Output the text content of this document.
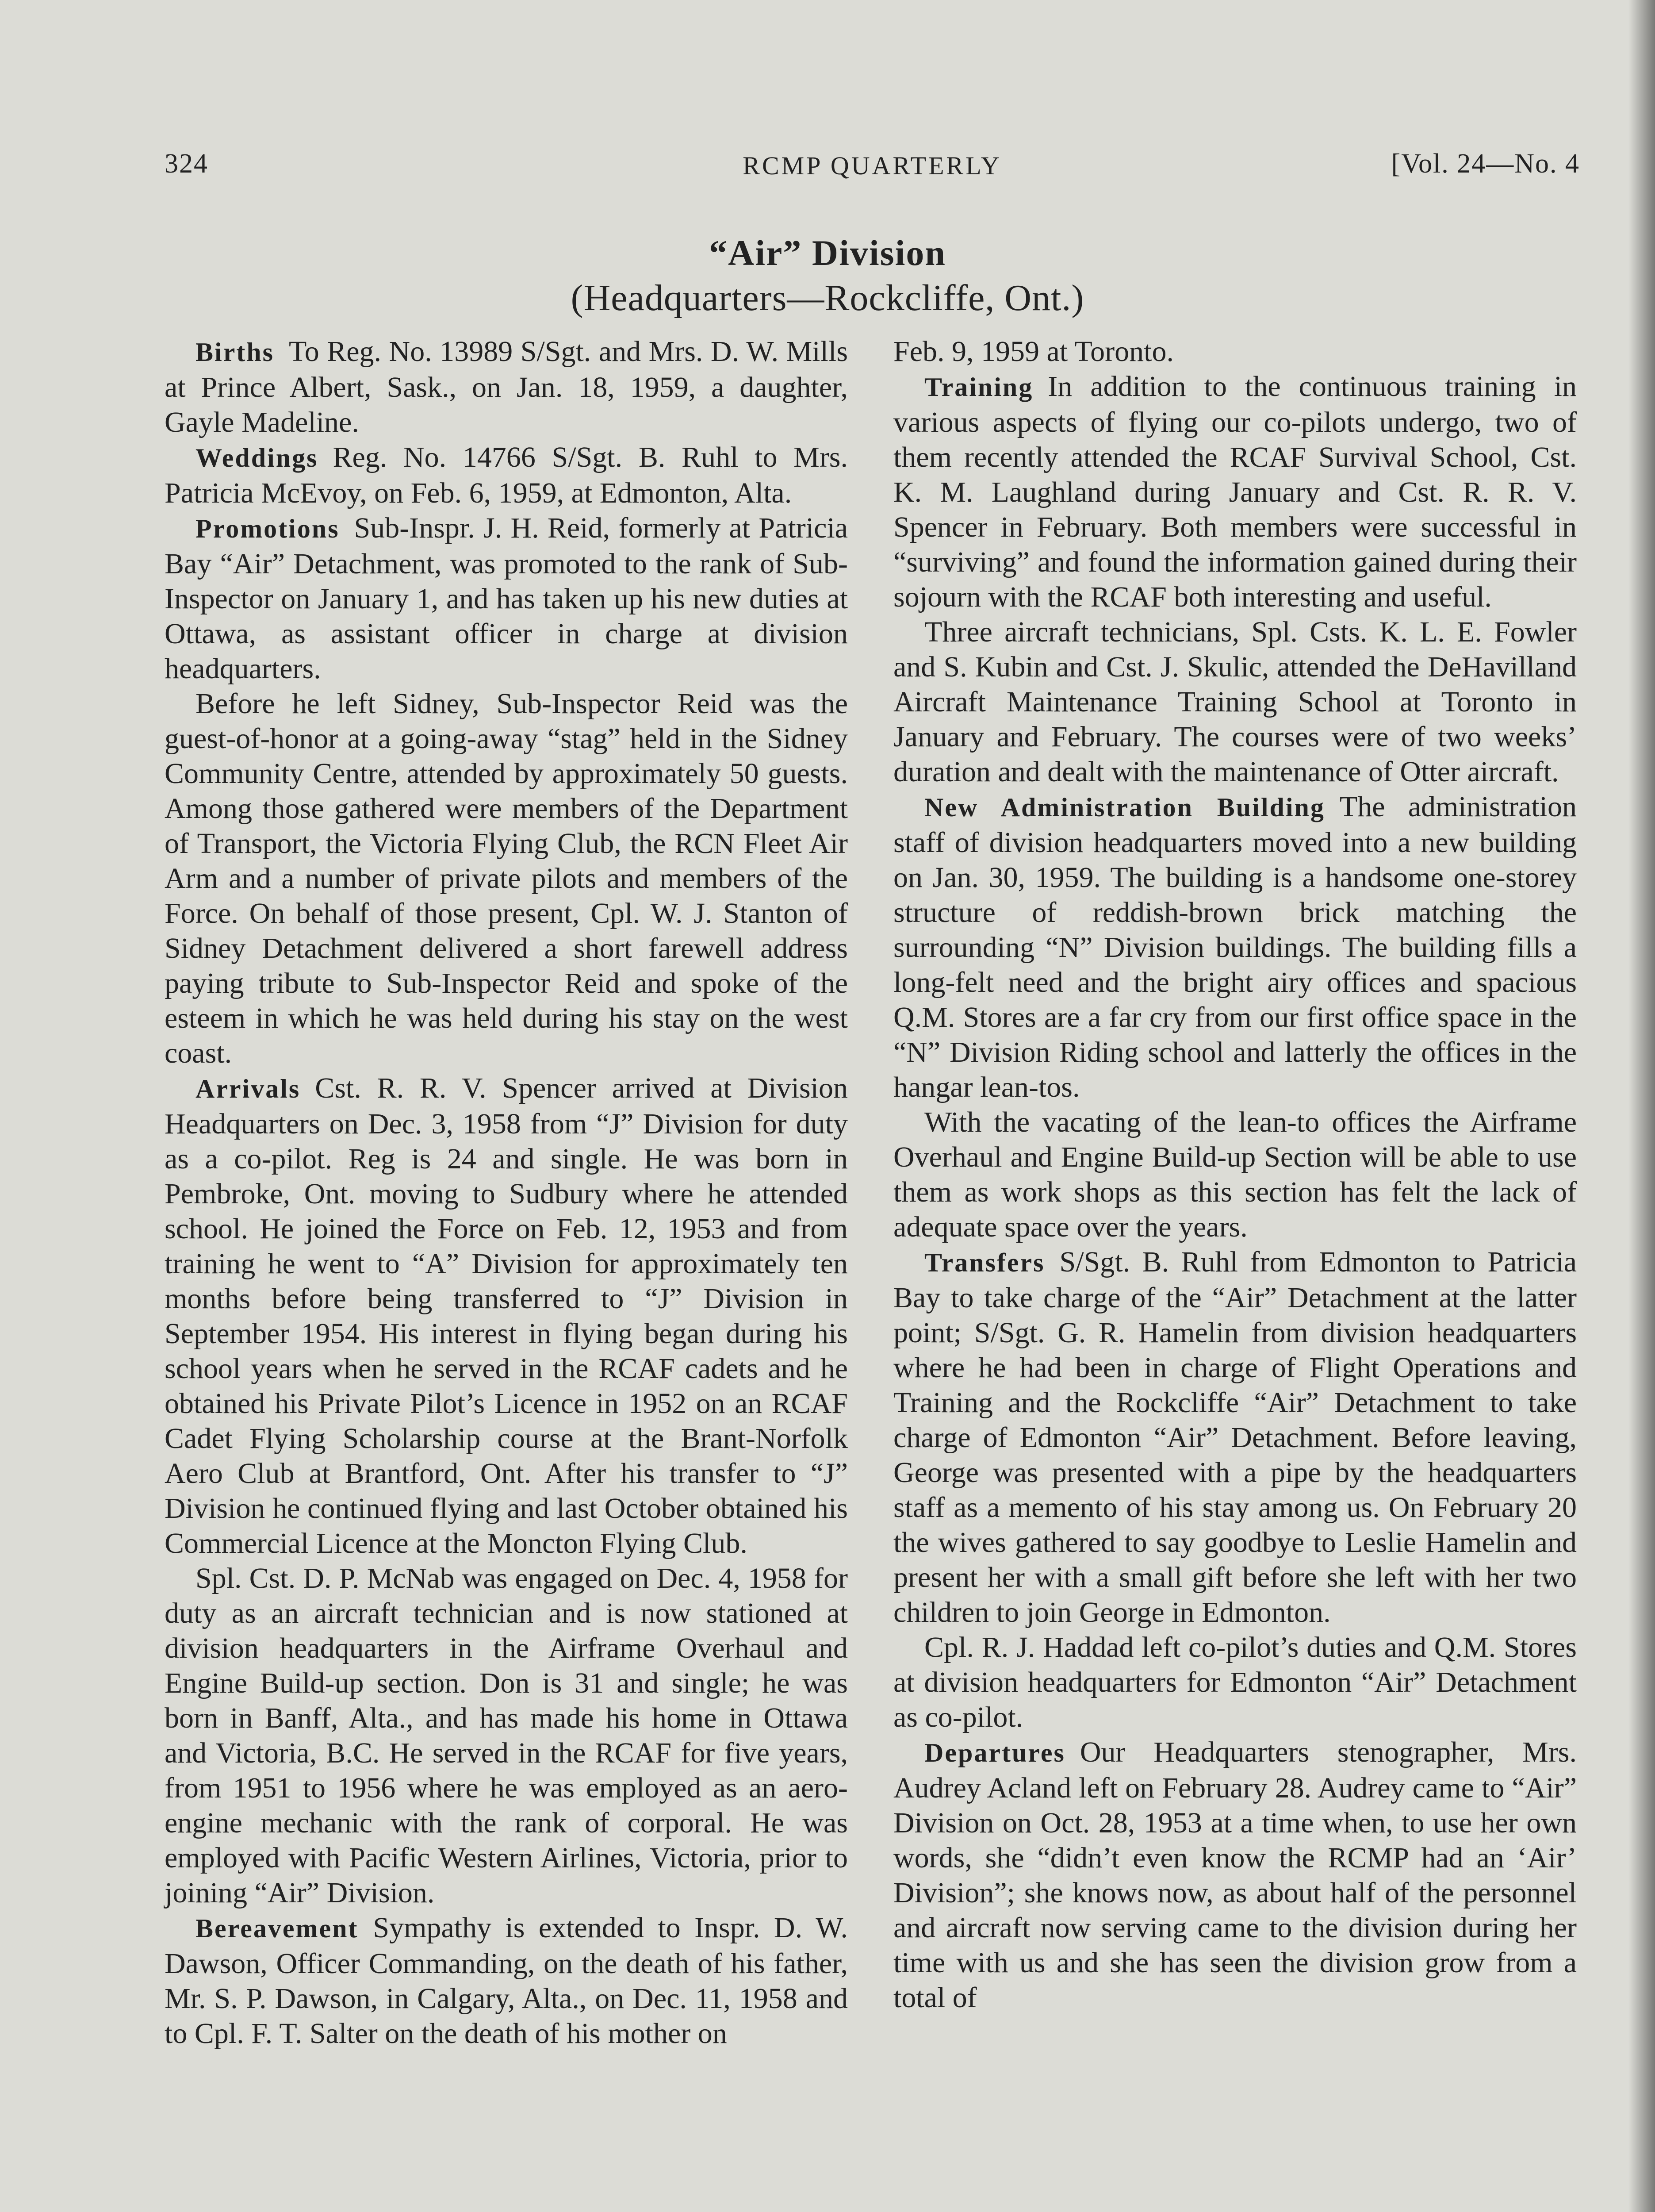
324	RCMP QUARTERLY	[Vol. 24—No. 4
“Air” Division
(Headquarters—Rockcliffe, Ont.)

Births  To Reg. No. 13989 S/Sgt. and Mrs. D. W. Mills at Prince Albert, Sask., on Jan. 18, 1959, a daughter, Gayle Madeline.

Weddings  Reg. No. 14766 S/Sgt. B. Ruhl to Mrs. Patricia McEvoy, on Feb. 6, 1959, at Edmonton, Alta.

Promotions  Sub-Inspr. J. H. Reid, formerly at Patricia Bay “Air” Detachment, was promoted to the rank of Sub-Inspector on January 1, and has taken up his new duties at Ottawa, as assistant officer in charge at division headquarters.

Before he left Sidney, Sub-Inspector Reid was the guest-of-honor at a going-away “stag” held in the Sidney Community Centre, attended by approximately 50 guests. Among those gathered were members of the Department of Transport, the Victoria Flying Club, the RCN Fleet Air Arm and a number of private pilots and members of the Force. On behalf of those present, Cpl. W. J. Stanton of Sidney Detachment delivered a short farewell address paying tribute to Sub-Inspector Reid and spoke of the esteem in which he was held during his stay on the west coast.

Arrivals  Cst. R. R. V. Spencer arrived at Division Headquarters on Dec. 3, 1958 from “J” Division for duty as a co-pilot. Reg is 24 and single. He was born in Pembroke, Ont. moving to Sudbury where he attended school. He joined the Force on Feb. 12, 1953 and from training he went to “A” Division for approximately ten months before being transferred to “J” Division in September 1954. His interest in flying began during his school years when he served in the RCAF cadets and he obtained his Private Pilot’s Licence in 1952 on an RCAF Cadet Flying Scholarship course at the Brant-Norfolk Aero Club at Brantford, Ont. After his transfer to “J” Division he continued flying and last October obtained his Commercial Licence at the Moncton Flying Club.

Spl. Cst. D. P. McNab was engaged on Dec. 4, 1958 for duty as an aircraft technician and is now stationed at division headquarters in the Airframe Overhaul and Engine Build-up section. Don is 31 and single; he was born in Banff, Alta., and has made his home in Ottawa and Victoria, B.C. He served in the RCAF for five years, from 1951 to 1956 where he was employed as an aero-engine mechanic with the rank of corporal. He was employed with Pacific Western Airlines, Victoria, prior to joining “Air” Division.

Bereavement  Sympathy is extended to Inspr. D. W. Dawson, Officer Commanding, on the death of his father, Mr. S. P. Dawson, in Calgary, Alta., on Dec. 11, 1958 and to Cpl. F. T. Salter on the death of his mother on

Feb. 9, 1959 at Toronto.

Training  In addition to the continuous training in various aspects of flying our co-pilots undergo, two of them recently attended the RCAF Survival School, Cst. K. M. Laughland during January and Cst. R. R. V. Spencer in February. Both members were successful in “surviving” and found the information gained during their sojourn with the RCAF both interesting and useful.

Three aircraft technicians, Spl. Csts. K. L. E. Fowler and S. Kubin and Cst. J. Skulic, attended the DeHavilland Aircraft Maintenance Training School at Toronto in January and February. The courses were of two weeks’ duration and dealt with the maintenance of Otter aircraft.

New Administration Building  The administration staff of division headquarters moved into a new building on Jan. 30, 1959. The building is a handsome one-storey structure of reddish-brown brick matching the surrounding “N” Division buildings. The building fills a long-felt need and the bright airy offices and spacious Q.M. Stores are a far cry from our first office space in the “N” Division Riding school and latterly the offices in the hangar lean-tos.

With the vacating of the lean-to offices the Airframe Overhaul and Engine Build-up Section will be able to use them as work shops as this section has felt the lack of adequate space over the years.

Transfers  S/Sgt. B. Ruhl from Edmonton to Patricia Bay to take charge of the “Air” Detachment at the latter point; S/Sgt. G. R. Hamelin from division headquarters where he had been in charge of Flight Operations and Training and the Rockcliffe “Air” Detachment to take charge of Edmonton “Air” Detachment. Before leaving, George was presented with a pipe by the headquarters staff as a memento of his stay among us. On February 20 the wives gathered to say goodbye to Leslie Hamelin and present her with a small gift before she left with her two children to join George in Edmonton.

Cpl. R. J. Haddad left co-pilot’s duties and Q.M. Stores at division headquarters for Edmonton “Air” Detachment as co-pilot.

Departures  Our Headquarters stenographer, Mrs. Audrey Acland left on February 28. Audrey came to “Air” Division on Oct. 28, 1953 at a time when, to use her own words, she “didn’t even know the RCMP had an ‘Air’ Division”; she knows now, as about half of the personnel and aircraft now serving came to the division during her time with us and she has seen the division grow from a total of
